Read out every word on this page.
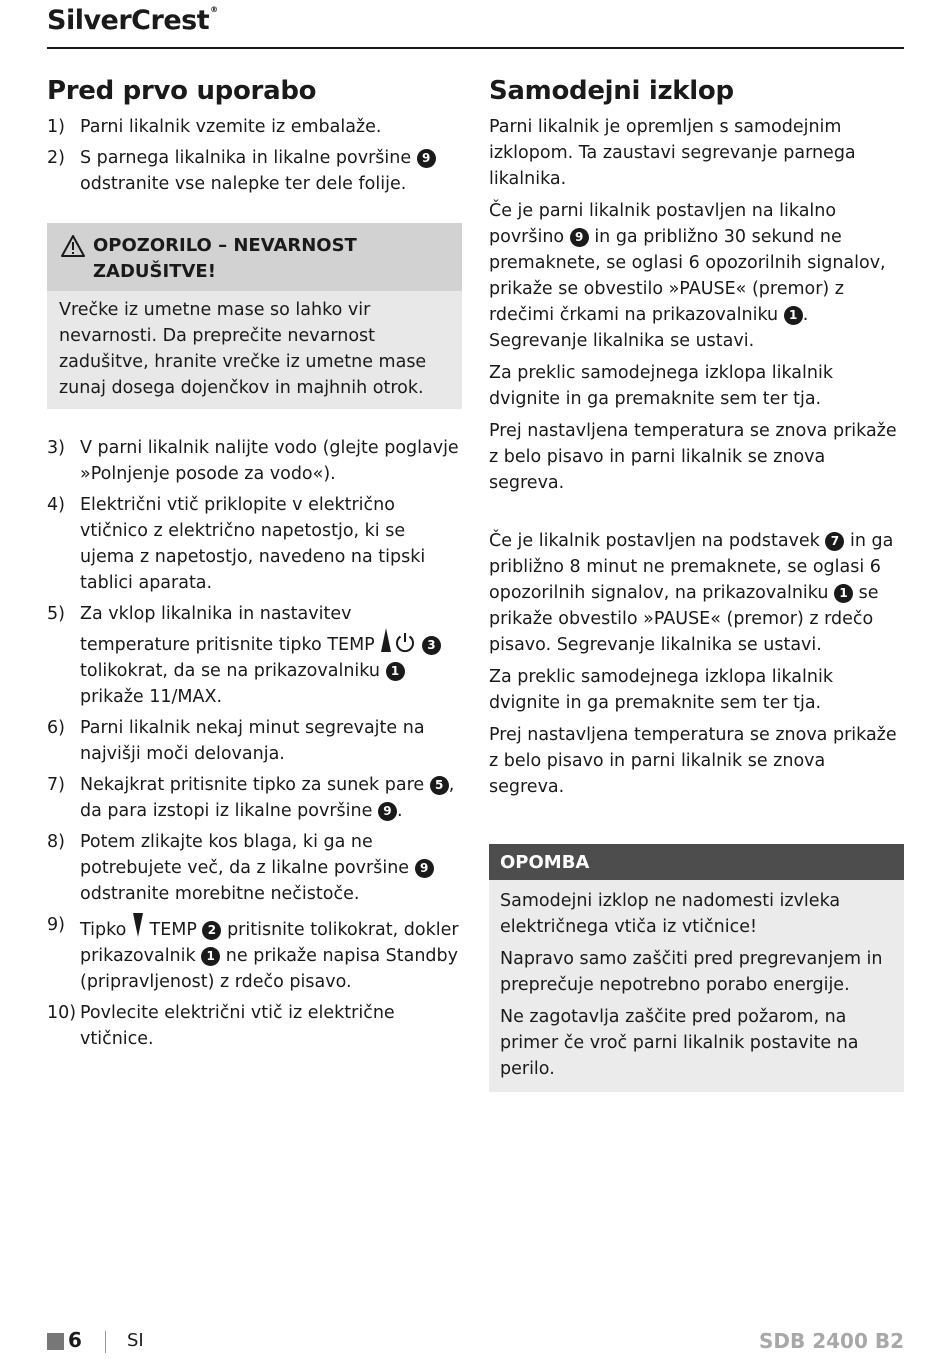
SilverCrest®
Pred prvo uporabo
1) Parni likalnik vzemite iz embalaže.
2) S parnega likalnika in likalne površine 9 odstranite vse nalepke ter dele folije.
OPOZORILO – NEVARNOST ZADUŠITVE!
Vrečke iz umetne mase so lahko vir nevarnosti. Da preprečite nevarnost zadušitve, hranite vrečke iz umetne mase zunaj dosega dojenčkov in majhnih otrok.
3) V parni likalnik nalijte vodo (glejte poglavje »Polnjenje posode za vodo«).
4) Električni vtič priklopite v električno vtičnico z električno napetostjo, ki se ujema z napetostjo, navedeno na tipski tablici aparata.
5) Za vklop likalnika in nastavitev temperature pritisnite tipko TEMP	3 tolikokrat, da se na prikazovalniku 1 prikaže 11/MAX.
6) Parni likalnik nekaj minut segrevajte na najvišji moči delovanja.
7) Nekajkrat pritisnite tipko za sunek pare 5 , da para izstopi iz likalne površine 9 .
8) Potem zlikajte kos blaga, ki ga ne potrebujete več, da z likalne površine 9 odstranite morebitne nečistoče.
9) Tipko TEMP 2 pritisnite tolikokrat, dokler prikazovalnik 1 ne prikaže napisa Standby (pripravljenost) z rdečo pisavo.
10) Povlecite električni vtič iz električne vtičnice.
Samodejni izklop

Parni likalnik je opremljen s samodejnim izklopom. Ta zaustavi segrevanje parnega likalnika.

Če je parni likalnik postavljen na likalno površino 9 in ga približno 30 sekund ne premaknete, se oglasi 6 opozorilnih signalov, prikaže se obvestilo »PAUSE« (premor) z rdečimi črkami na prikazovalniku 1 . Segrevanje likalnika se ustavi.

Za preklic samodejnega izklopa likalnik dvignite in ga premaknite sem ter tja.

Prej nastavljena temperatura se znova prikaže z belo pisavo in parni likalnik se znova segreva.

Če je likalnik postavljen na podstavek 7 in ga približno 8 minut ne premaknete, se oglasi 6 opozorilnih signalov, na prikazovalniku 1 se prikaže obvestilo »PAUSE« (premor) z rdečo pisavo. Segrevanje likalnika se ustavi.

Za preklic samodejnega izklopa likalnik dvignite in ga premaknite sem ter tja.

Prej nastavljena temperatura se znova prikaže z belo pisavo in parni likalnik se znova segreva.

OPOMBA

Samodejni izklop ne nadomesti izvleka električnega vtiča iz vtičnice!

Napravo samo zaščiti pred pregrevanjem in preprečuje nepotrebno porabo energije.

Ne zagotavlja zaščite pred požarom, na primer če vroč parni likalnik postavite na perilo.

6	SI	SDB 2400 B2
